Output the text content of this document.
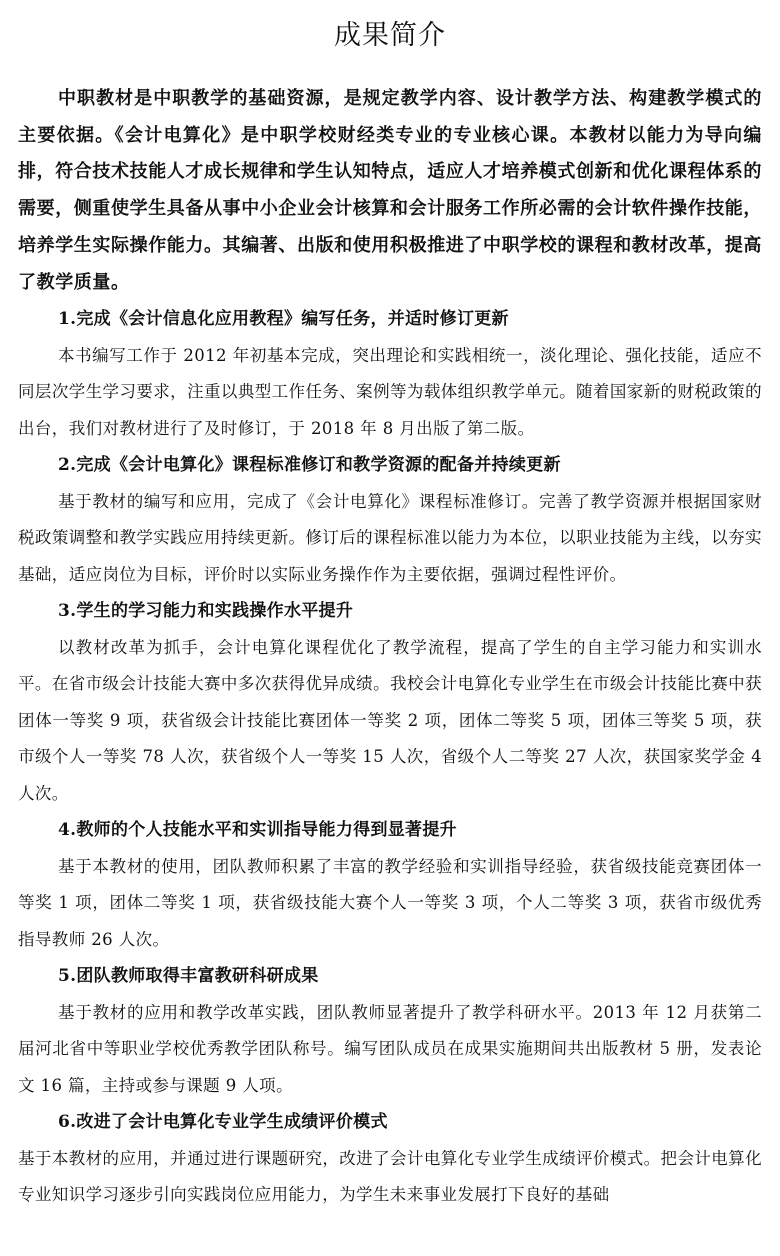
成果简介

中职教材是中职教学的基础资源，是规定教学内容、设计教学方法、构建教学模式的主要依据。《会计电算化》是中职学校财经类专业的专业核心课。本教材以能力为导向编排，符合技术技能人才成长规律和学生认知特点，适应人才培养模式创新和优化课程体系的需要，侧重使学生具备从事中小企业会计核算和会计服务工作所必需的会计软件操作技能，培养学生实际操作能力。其编著、出版和使用积极推进了中职学校的课程和教材改革，提高了教学质量。

1.完成《会计信息化应用教程》编写任务，并适时修订更新

本书编写工作于 2012 年初基本完成，突出理论和实践相统一，淡化理论、强化技能，适应不同层次学生学习要求，注重以典型工作任务、案例等为载体组织教学单元。随着国家新的财税政策的出台，我们对教材进行了及时修订，于 2018 年 8 月出版了第二版。

2.完成《会计电算化》课程标准修订和教学资源的配备并持续更新

基于教材的编写和应用，完成了《会计电算化》课程标准修订。完善了教学资源并根据国家财税政策调整和教学实践应用持续更新。修订后的课程标准以能力为本位，以职业技能为主线，以夯实基础，适应岗位为目标，评价时以实际业务操作作为主要依据，强调过程性评价。

3.学生的学习能力和实践操作水平提升

以教材改革为抓手，会计电算化课程优化了教学流程，提高了学生的自主学习能力和实训水平。在省市级会计技能大赛中多次获得优异成绩。我校会计电算化专业学生在市级会计技能比赛中获团体一等奖 9 项，获省级会计技能比赛团体一等奖 2 项，团体二等奖 5 项，团体三等奖 5 项，获市级个人一等奖 78 人次，获省级个人一等奖 15 人次，省级个人二等奖 27 人次，获国家奖学金 4 人次。

4.教师的个人技能水平和实训指导能力得到显著提升

基于本教材的使用，团队教师积累了丰富的教学经验和实训指导经验，获省级技能竞赛团体一等奖 1 项，团体二等奖 1 项，获省级技能大赛个人一等奖 3 项，个人二等奖 3 项，获省市级优秀指导教师 26 人次。

5.团队教师取得丰富教研科研成果

基于教材的应用和教学改革实践，团队教师显著提升了教学科研水平。2013 年 12 月获第二届河北省中等职业学校优秀教学团队称号。编写团队成员在成果实施期间共出版教材 5 册，发表论文 16 篇，主持或参与课题 9 人项。

6.改进了会计电算化专业学生成绩评价模式

基于本教材的应用，并通过进行课题研究，改进了会计电算化专业学生成绩评价模式。把会计电算化专业知识学习逐步引向实践岗位应用能力，为学生未来事业发展打下良好的基础
